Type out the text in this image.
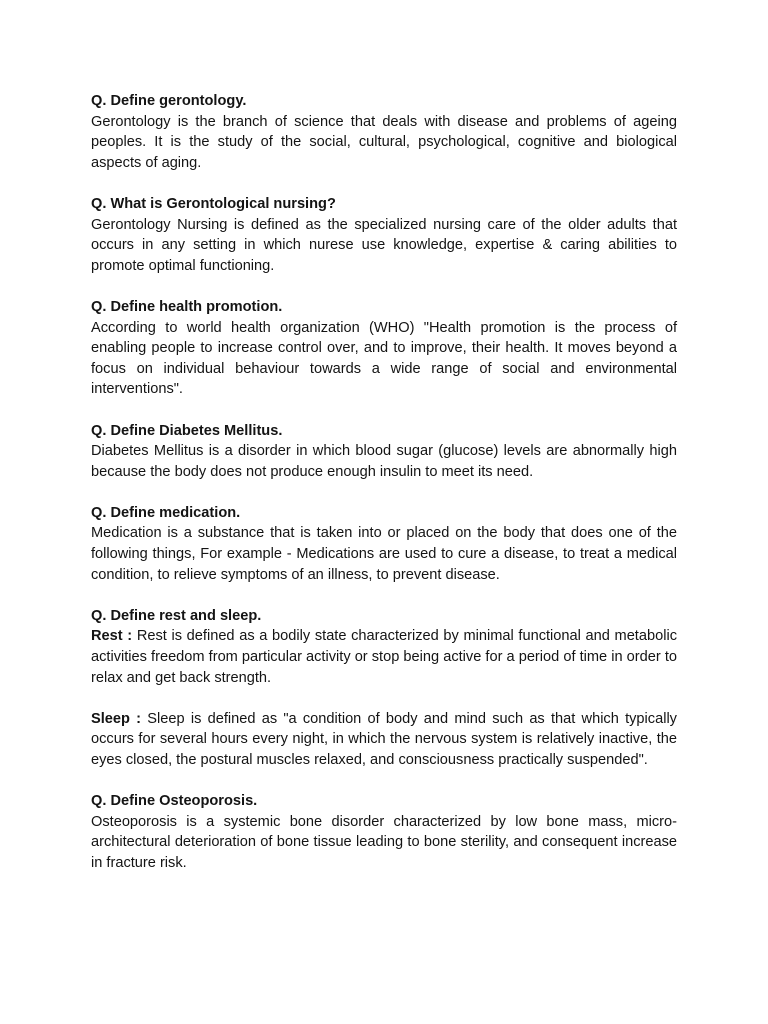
Q. Define gerontology.

Gerontology is the branch of science that deals with disease and problems of ageing peoples. It is the study of the social, cultural, psychological, cognitive and biological aspects of aging.

Q. What is Gerontological nursing?

Gerontology Nursing is defined as the specialized nursing care of the older adults that occurs in any setting in which nurese use knowledge, expertise & caring abilities to promote optimal functioning.

Q. Define health promotion.

According to world health organization (WHO) "Health promotion is the process of enabling people to increase control over, and to improve, their health. It moves beyond a focus on individual behaviour towards a wide range of social and environmental interventions".

Q. Define Diabetes Mellitus.

Diabetes Mellitus is a disorder in which blood sugar (glucose) levels are abnormally high because the body does not produce enough insulin to meet its need.

Q. Define medication.

Medication is a substance that is taken into or placed on the body that does one of the following things, For example - Medications are used to cure a disease, to treat a medical condition, to relieve symptoms of an illness, to prevent disease.

Q. Define rest and sleep.

Rest : Rest is defined as a bodily state characterized by minimal functional and metabolic activities freedom from particular activity or stop being active for a period of time in order to relax and get back strength.

Sleep : Sleep is defined as "a condition of body and mind such as that which typically occurs for several hours every night, in which the nervous system is relatively inactive, the eyes closed, the postural muscles relaxed, and consciousness practically suspended".

Q. Define Osteoporosis.

Osteoporosis is a systemic bone disorder characterized by low bone mass, micro-architectural deterioration of bone tissue leading to bone sterility, and consequent increase in fracture risk.
